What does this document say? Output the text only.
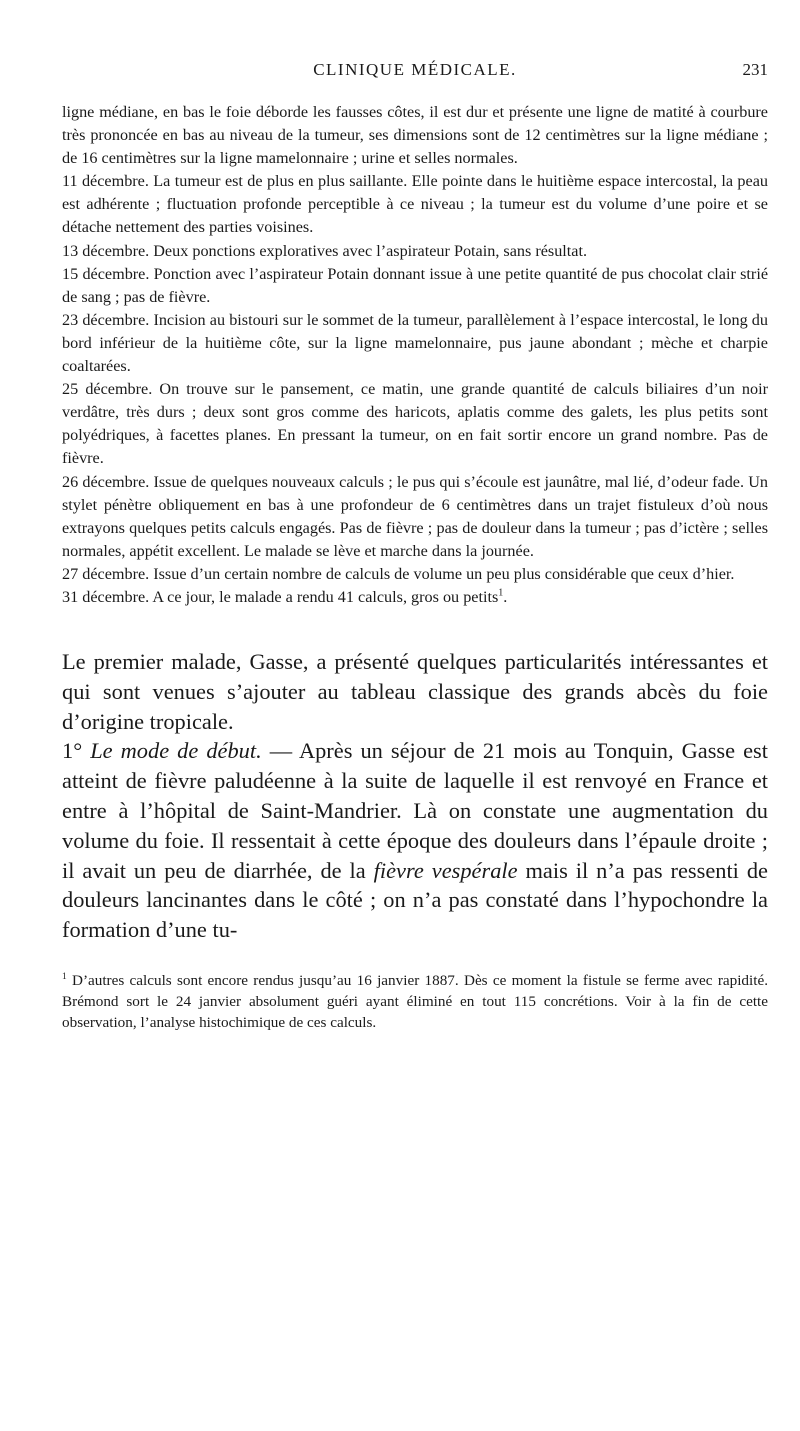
CLINIQUE MÉDICALE.	231

ligne médiane, en bas le foie déborde les fausses côtes, il est dur et présente une ligne de matité à courbure très prononcée en bas au niveau de la tumeur, ses dimensions sont de 12 centimètres sur la ligne médiane ; de 16 centimètres sur la ligne mamelonnaire ; urine et selles normales.

11 décembre. La tumeur est de plus en plus saillante. Elle pointe dans le huitième espace intercostal, la peau est adhérente ; fluctuation profonde perceptible à ce niveau ; la tumeur est du volume d’une poire et se détache nettement des parties voisines.

13 décembre. Deux ponctions exploratives avec l’aspirateur Potain, sans résultat.

15 décembre. Ponction avec l’aspirateur Potain donnant issue à une petite quantité de pus chocolat clair strié de sang ; pas de fièvre.

23 décembre. Incision au bistouri sur le sommet de la tumeur, parallèlement à l’espace intercostal, le long du bord inférieur de la huitième côte, sur la ligne mamelonnaire, pus jaune abondant ; mèche et charpie coaltarées.

25 décembre. On trouve sur le pansement, ce matin, une grande quantité de calculs biliaires d’un noir verdâtre, très durs ; deux sont gros comme des haricots, aplatis comme des galets, les plus petits sont polyédriques, à facettes planes. En pressant la tumeur, on en fait sortir encore un grand nombre. Pas de fièvre.

26 décembre. Issue de quelques nouveaux calculs ; le pus qui s’écoule est jaunâtre, mal lié, d’odeur fade. Un stylet pénètre obliquement en bas à une profondeur de 6 centimètres dans un trajet fistuleux d’où nous extrayons quelques petits calculs engagés. Pas de fièvre ; pas de douleur dans la tumeur ; pas d’ictère ; selles normales, appétit excellent. Le malade se lève et marche dans la journée.

27 décembre. Issue d’un certain nombre de calculs de volume un peu plus considérable que ceux d’hier.

31 décembre. A ce jour, le malade a rendu 41 calculs, gros ou petits$^1$.

Le premier malade, Gasse, a présenté quelques particularités intéressantes et qui sont venues s’ajouter au tableau classique des grands abcès du foie d’origine tropicale.

1° Le mode de début. — Après un séjour de 21 mois au Tonquin, Gasse est atteint de fièvre paludéenne à la suite de laquelle il est renvoyé en France et entre à l’hôpital de Saint-Mandrier. Là on constate une augmentation du volume du foie. Il ressentait à cette époque des douleurs dans l’épaule droite ; il avait un peu de diarrhée, de la fièvre vespérale mais il n’a pas ressenti de douleurs lancinantes dans le côté ; on n’a pas constaté dans l’hypochondre la formation d’une tu-

$^1$ D’autres calculs sont encore rendus jusqu’au 16 janvier 1887. Dès ce moment la fistule se ferme avec rapidité. Brémond sort le 24 janvier absolument guéri ayant éliminé en tout 115 concrétions. Voir à la fin de cette observation, l’analyse histochimique de ces calculs.
